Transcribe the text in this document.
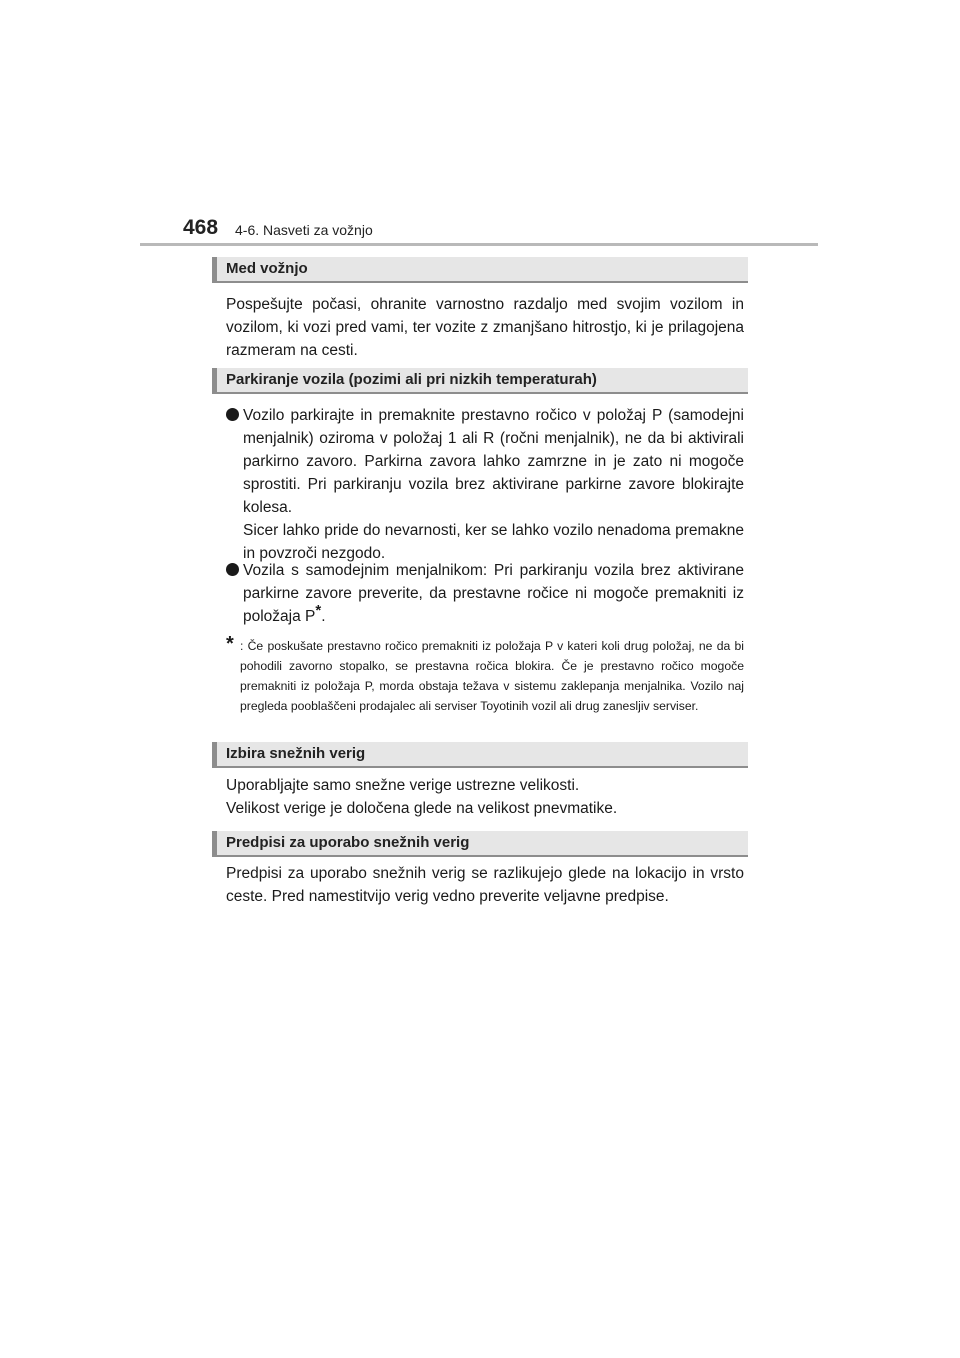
468 4-6. Nasveti za vožnjo
Med vožnjo

Pospešujte počasi, ohranite varnostno razdaljo med svojim vozilom in vozilom, ki vozi pred vami, ter vozite z zmanjšano hitrostjo, ki je prilagojena razmeram na cesti.

Parkiranje vozila (pozimi ali pri nizkih temperaturah)

Vozilo parkirajte in premaknite prestavno ročico v položaj P (samodejni menjalnik) oziroma v položaj 1 ali R (ročni menjalnik), ne da bi aktivirali parkirno zavoro. Parkirna zavora lahko zamrzne in je zato ni mogoče sprostiti. Pri parkiranju vozila brez aktivirane parkirne zavore blokirajte kolesa.

Sicer lahko pride do nevarnosti, ker se lahko vozilo nenadoma premakne in povzroči nezgodo.

Vozila s samodejnim menjalnikom: Pri parkiranju vozila brez aktivirane parkirne zavore preverite, da prestavne ročice ni mogoče premakniti iz položaja P*.

* : Če poskušate prestavno ročico premakniti iz položaja P v kateri koli drug položaj, ne da bi pohodili zavorno stopalko, se prestavna ročica blokira. Če je prestavno ročico mogoče premakniti iz položaja P, morda obstaja težava v sistemu zaklepanja menjalnika. Vozilo naj pregleda pooblaščeni prodajalec ali serviser Toyotinih vozil ali drug zanesljiv serviser.
Izbira snežnih verig

Uporabljajte samo snežne verige ustrezne velikosti.

Velikost verige je določena glede na velikost pnevmatike.

Predpisi za uporabo snežnih verig

Predpisi za uporabo snežnih verig se razlikujejo glede na lokacijo in vrsto ceste. Pred namestitvijo verig vedno preverite veljavne predpise.
